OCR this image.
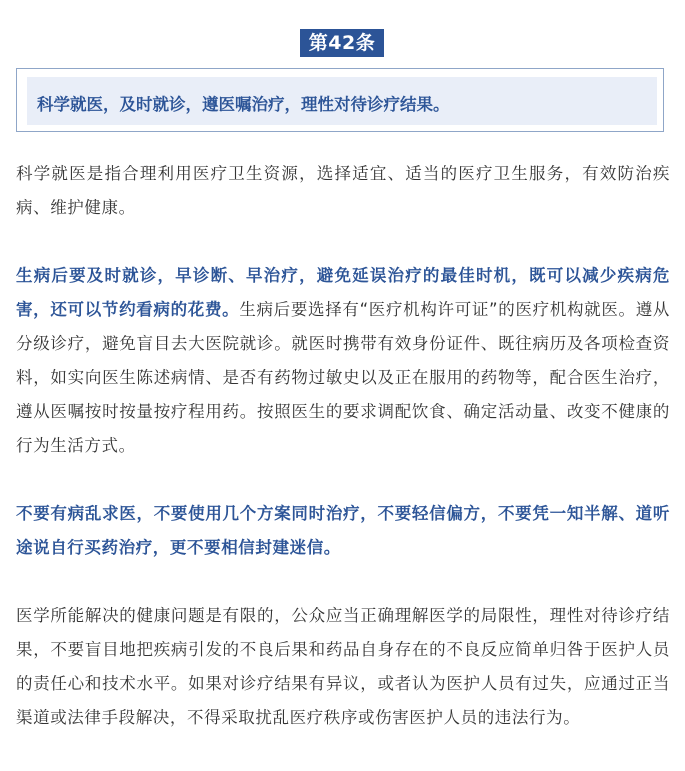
第42条
科学就医，及时就诊，遵医嘱治疗，理性对待诊疗结果。

科学就医是指合理利用医疗卫生资源，选择适宜、适当的医疗卫生服务，有效防治疾病、维护健康。

生病后要及时就诊，早诊断、早治疗，避免延误治疗的最佳时机，既可以减少疾病危害，还可以节约看病的花费。生病后要选择有“医疗机构许可证”的医疗机构就医。遵从分级诊疗，避免盲目去大医院就诊。就医时携带有效身份证件、既往病历及各项检查资料，如实向医生陈述病情、是否有药物过敏史以及正在服用的药物等，配合医生治疗，遵从医嘱按时按量按疗程用药。按照医生的要求调配饮食、确定活动量、改变不健康的行为生活方式。

不要有病乱求医，不要使用几个方案同时治疗，不要轻信偏方，不要凭一知半解、道听途说自行买药治疗，更不要相信封建迷信。

医学所能解决的健康问题是有限的，公众应当正确理解医学的局限性，理性对待诊疗结果，不要盲目地把疾病引发的不良后果和药品自身存在的不良反应简单归咎于医护人员的责任心和技术水平。如果对诊疗结果有异议，或者认为医护人员有过失，应通过正当渠道或法律手段解决，不得采取扰乱医疗秩序或伤害医护人员的违法行为。
